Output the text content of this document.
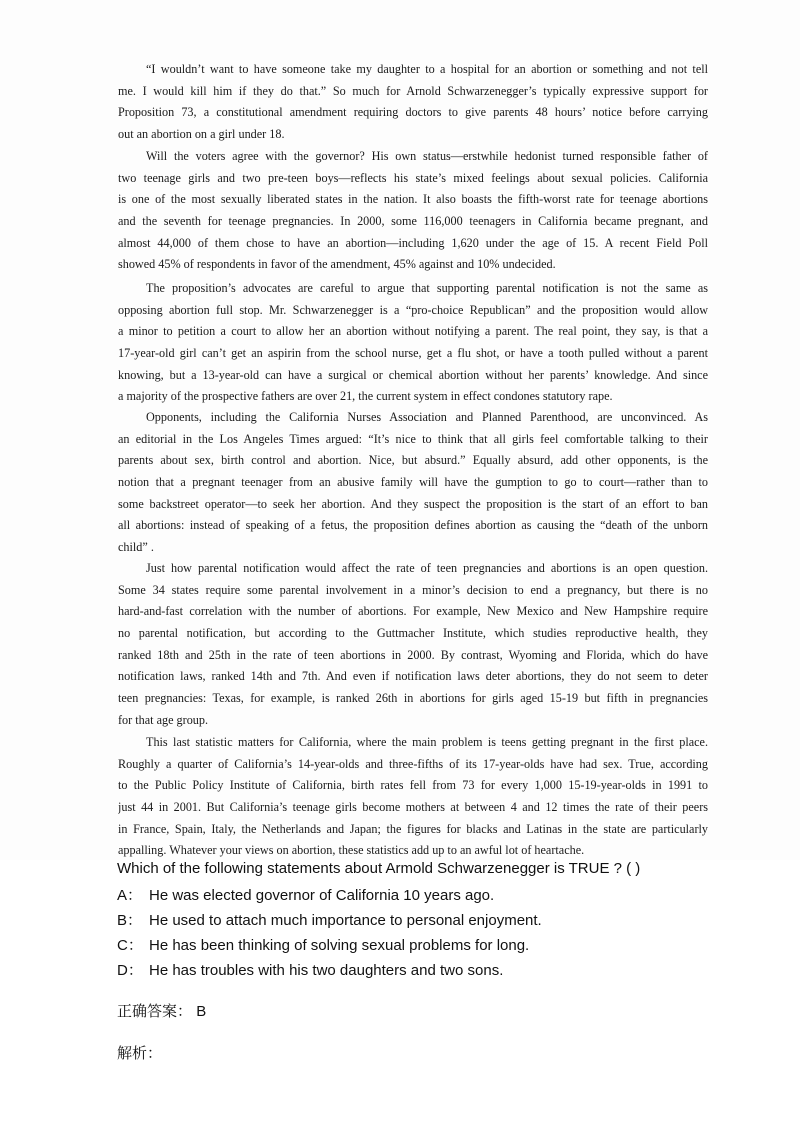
“I wouldn’t want to have someone take my daughter to a hospital for an abortion or something and not tell
me. I would kill him if they do that.” So much for Arnold Schwarzenegger’s typically expressive support for
Proposition 73, a constitutional amendment requiring doctors to give parents 48 hours’ notice before carrying
out an abortion on a girl under 18.
Will the voters agree with the governor? His own status—erstwhile hedonist turned responsible father of
two teenage girls and two pre-teen boys—reflects his state’s mixed feelings about sexual policies. California
is one of the most sexually liberated states in the nation. It also boasts the fifth-worst rate for teenage abortions
and the seventh for teenage pregnancies. In 2000, some 116,000 teenagers in California became pregnant, and
almost 44,000 of them chose to have an abortion—including 1,620 under the age of 15. A recent Field Poll
showed 45% of respondents in favor of the amendment, 45% against and 10% undecided.
The proposition’s advocates are careful to argue that supporting parental notification is not the same as
opposing abortion full stop. Mr. Schwarzenegger is a “pro-choice Republican” and the proposition would allow
a minor to petition a court to allow her an abortion without notifying a parent. The real point, they say, is that a
17-year-old girl can’t get an aspirin from the school nurse, get a flu shot, or have a tooth pulled without a parent
knowing, but a 13-year-old can have a surgical or chemical abortion without her parents’ knowledge. And since
a majority of the prospective fathers are over 21, the current system in effect condones statutory rape.
Opponents, including the California Nurses Association and Planned Parenthood, are unconvinced. As
an editorial in the Los Angeles Times argued: “It’s nice to think that all girls feel comfortable talking to their
parents about sex, birth control and abortion. Nice, but absurd.” Equally absurd, add other opponents, is the
notion that a pregnant teenager from an abusive family will have the gumption to go to court—rather than to
some backstreet operator—to seek her abortion. And they suspect the proposition is the start of an effort to ban
all abortions: instead of speaking of a fetus, the proposition defines abortion as causing the “death of the unborn
child” .
Just how parental notification would affect the rate of teen pregnancies and abortions is an open question.
Some 34 states require some parental involvement in a minor’s decision to end a pregnancy, but there is no
hard-and-fast correlation with the number of abortions. For example, New Mexico and New Hampshire require
no parental notification, but according to the Guttmacher Institute, which studies reproductive health, they
ranked 18th and 25th in the rate of teen abortions in 2000. By contrast, Wyoming and Florida, which do have
notification laws, ranked 14th and 7th. And even if notification laws deter abortions, they do not seem to deter
teen pregnancies: Texas, for example, is ranked 26th in abortions for girls aged 15-19 but fifth in pregnancies
for that age group.
This last statistic matters for California, where the main problem is teens getting pregnant in the first place.
Roughly a quarter of California’s 14-year-olds and three-fifths of its 17-year-olds have had sex. True, according
to the Public Policy Institute of California, birth rates fell from 73 for every 1,000 15-19-year-olds in 1991 to
just 44 in 2001. But California’s teenage girls become mothers at between 4 and 12 times the rate of their peers
in France, Spain, Italy, the Netherlands and Japan; the figures for blacks and Latinas in the state are particularly
appalling. Whatever your views on abortion, these statistics add up to an awful lot of heartache.
Which of the following statements about Armold Schwarzenegger is TRUE ? ( )
A： He was elected governor of California 10 years ago.
B： He used to attach much importance to personal enjoyment.
C： He has been thinking of solving sexual problems for long.
D： He has troubles with his two daughters and two sons.
正确答案： B
解析：
